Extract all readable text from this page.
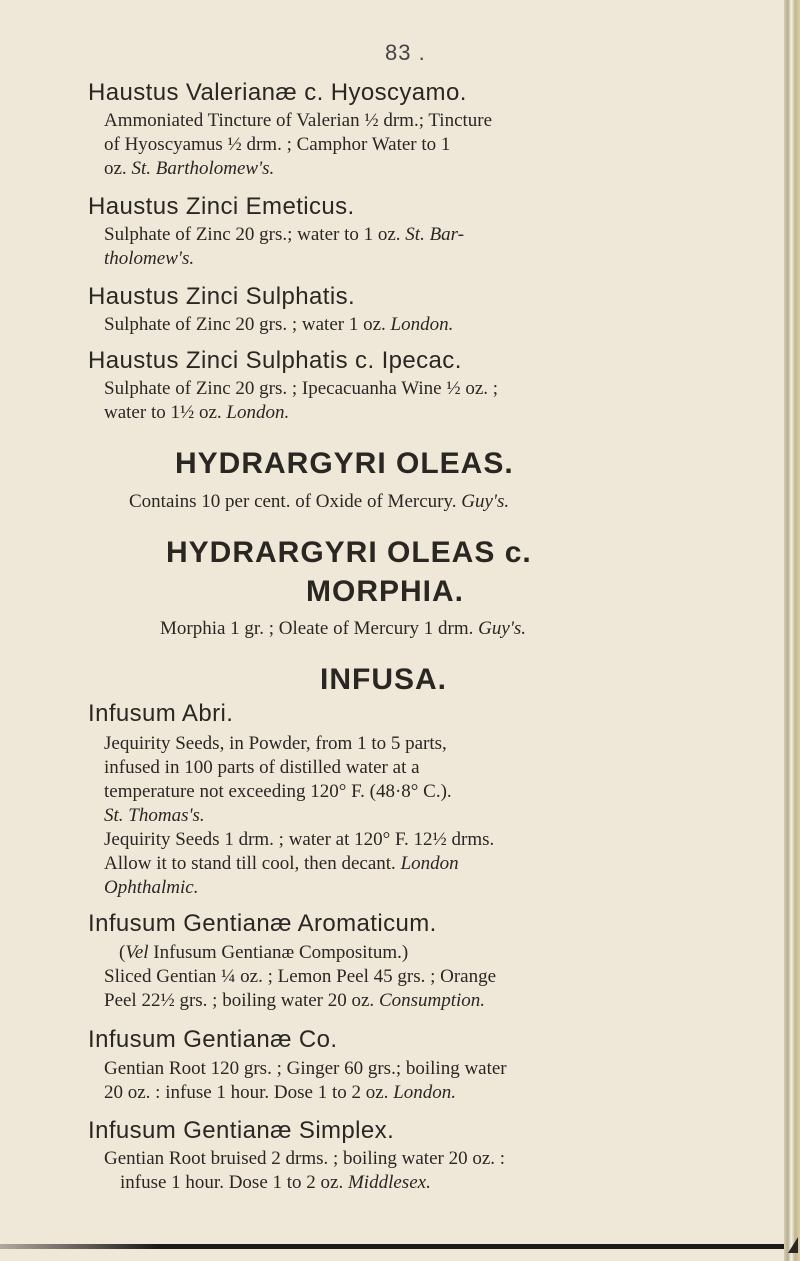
83 .
Haustus Valerianæ c. Hyoscyamo.
Ammoniated Tincture of Valerian ½ drm.; Tincture
of Hyoscyamus ½ drm. ; Camphor Water to 1
oz. St. Bartholomew's.
Haustus Zinci Emeticus.
Sulphate of Zinc 20 grs.; water to 1 oz. St. Bar-
tholomew's.
Haustus Zinci Sulphatis.
Sulphate of Zinc 20 grs. ; water 1 oz. London.
Haustus Zinci Sulphatis c. Ipecac.
Sulphate of Zinc 20 grs. ; Ipecacuanha Wine ½ oz. ;
water to 1½ oz. London.
HYDRARGYRI OLEAS.
Contains 10 per cent. of Oxide of Mercury. Guy's.
HYDRARGYRI OLEAS c.
MORPHIA.
Morphia 1 gr. ; Oleate of Mercury 1 drm. Guy's.
INFUSA.
Infusum Abri.
Jequirity Seeds, in Powder, from 1 to 5 parts,
infused in 100 parts of distilled water at a
temperature not exceeding 120° F. (48·8° C.).
St. Thomas's.
Jequirity Seeds 1 drm. ; water at 120° F. 12½ drms.
Allow it to stand till cool, then decant. London
Ophthalmic.
Infusum Gentianæ Aromaticum.
(Vel Infusum Gentianæ Compositum.)
Sliced Gentian ¼ oz. ; Lemon Peel 45 grs. ; Orange
Peel 22½ grs. ; boiling water 20 oz. Consumption.
Infusum Gentianæ Co.
Gentian Root 120 grs. ; Ginger 60 grs.; boiling water
20 oz. : infuse 1 hour. Dose 1 to 2 oz. London.
Infusum Gentianæ Simplex.
Gentian Root bruised 2 drms. ; boiling water 20 oz. :
infuse 1 hour. Dose 1 to 2 oz. Middlesex.
